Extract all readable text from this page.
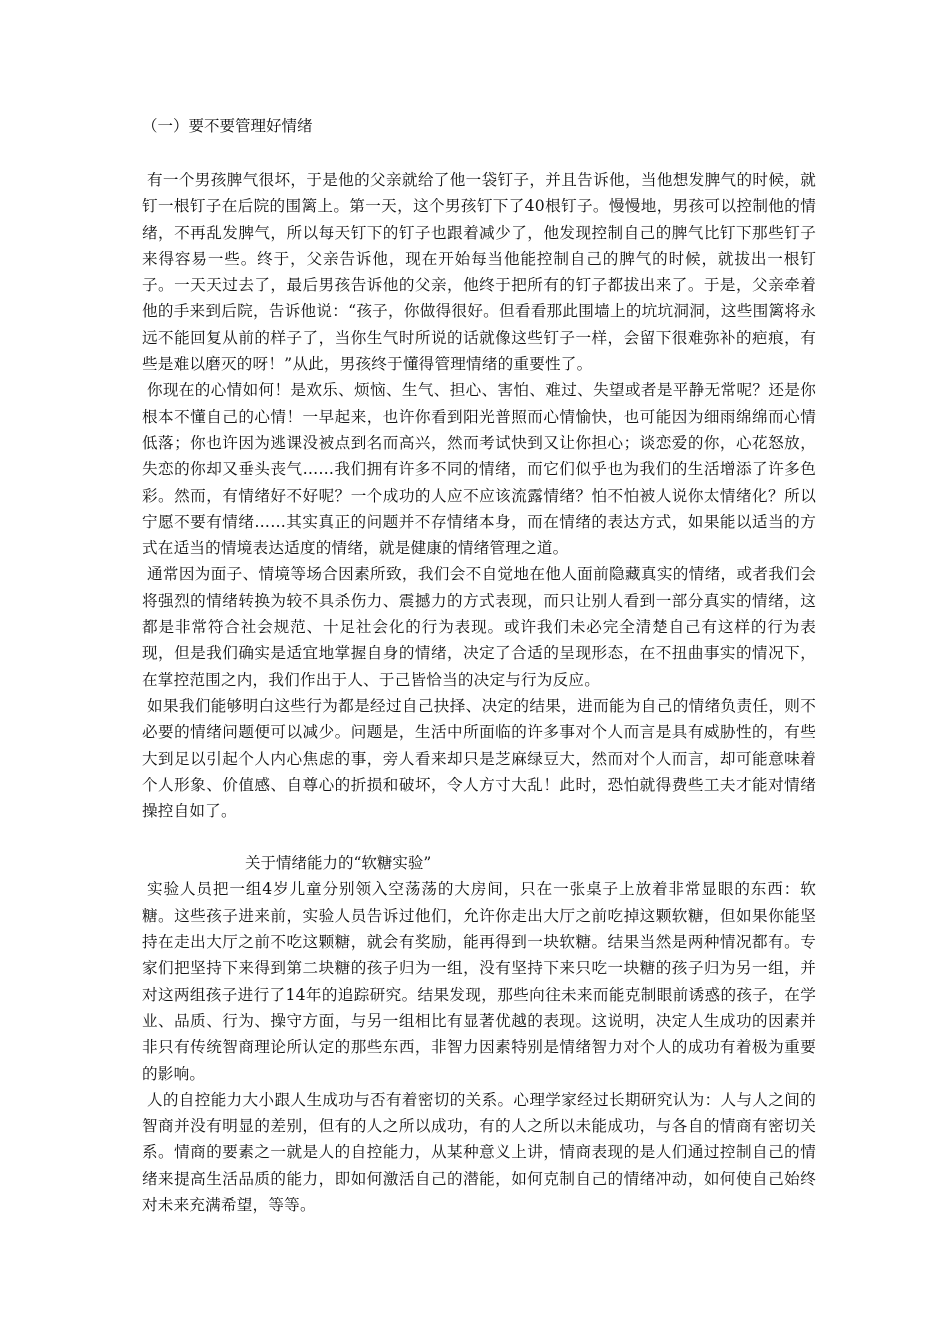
（一）要不要管理好情绪

有一个男孩脾气很坏，于是他的父亲就给了他一袋钉子，并且告诉他，当他想发脾气的时候，就钉一根钉子在后院的围篱上。第一天，这个男孩钉下了40根钉子。慢慢地，男孩可以控制他的情绪，不再乱发脾气，所以每天钉下的钉子也跟着减少了，他发现控制自己的脾气比钉下那些钉子来得容易一些。终于，父亲告诉他，现在开始每当他能控制自己的脾气的时候，就拔出一根钉子。一天天过去了，最后男孩告诉他的父亲，他终于把所有的钉子都拔出来了。于是，父亲牵着他的手来到后院，告诉他说：“孩子，你做得很好。但看看那此围墙上的坑坑洞洞，这些围篱将永远不能回复从前的样子了，当你生气时所说的话就像这些钉子一样，会留下很难弥补的疤痕，有些是难以磨灭的呀！”从此，男孩终于懂得管理情绪的重要性了。

你现在的心情如何！是欢乐、烦恼、生气、担心、害怕、难过、失望或者是平静无常呢？还是你根本不懂自己的心情！一早起来，也许你看到阳光普照而心情愉快，也可能因为细雨绵绵而心情低落；你也许因为逃课没被点到名而高兴，然而考试快到又让你担心；谈恋爱的你，心花怒放，失恋的你却又垂头丧气……我们拥有许多不同的情绪，而它们似乎也为我们的生活增添了许多色彩。然而，有情绪好不好呢？一个成功的人应不应该流露情绪？怕不怕被人说你太情绪化？所以宁愿不要有情绪……其实真正的问题并不存情绪本身，而在情绪的表达方式，如果能以适当的方式在适当的情境表达适度的情绪，就是健康的情绪管理之道。

通常因为面子、情境等场合因素所致，我们会不自觉地在他人面前隐藏真实的情绪，或者我们会将强烈的情绪转换为较不具杀伤力、震撼力的方式表现，而只让别人看到一部分真实的情绪，这都是非常符合社会规范、十足社会化的行为表现。或许我们未必完全清楚自己有这样的行为表现，但是我们确实是适宜地掌握自身的情绪，决定了合适的呈现形态，在不扭曲事实的情况下，在掌控范围之内，我们作出于人、于己皆恰当的决定与行为反应。

如果我们能够明白这些行为都是经过自己抉择、决定的结果，进而能为自己的情绪负责任，则不必要的情绪问题便可以减少。问题是，生活中所面临的许多事对个人而言是具有威胁性的，有些大到足以引起个人内心焦虑的事，旁人看来却只是芝麻绿豆大，然而对个人而言，却可能意味着个人形象、价值感、自尊心的折损和破坏，令人方寸大乱！此时，恐怕就得费些工夫才能对情绪操控自如了。

关于情绪能力的“软糖实验”

实验人员把一组4岁儿童分别领入空荡荡的大房间，只在一张桌子上放着非常显眼的东西：软糖。这些孩子进来前，实验人员告诉过他们，允许你走出大厅之前吃掉这颗软糖，但如果你能坚持在走出大厅之前不吃这颗糖，就会有奖励，能再得到一块软糖。结果当然是两种情况都有。专家们把坚持下来得到第二块糖的孩子归为一组，没有坚持下来只吃一块糖的孩子归为另一组，并对这两组孩子进行了14年的追踪研究。结果发现，那些向往未来而能克制眼前诱惑的孩子，在学业、品质、行为、操守方面，与另一组相比有显著优越的表现。这说明，决定人生成功的因素并非只有传统智商理论所认定的那些东西，非智力因素特别是情绪智力对个人的成功有着极为重要的影响。

人的自控能力大小跟人生成功与否有着密切的关系。心理学家经过长期研究认为：人与人之间的智商并没有明显的差别，但有的人之所以成功，有的人之所以未能成功，与各自的情商有密切关系。情商的要素之一就是人的自控能力，从某种意义上讲，情商表现的是人们通过控制自己的情绪来提高生活品质的能力，即如何激活自己的潜能，如何克制自己的情绪冲动，如何使自己始终对未来充满希望，等等。
